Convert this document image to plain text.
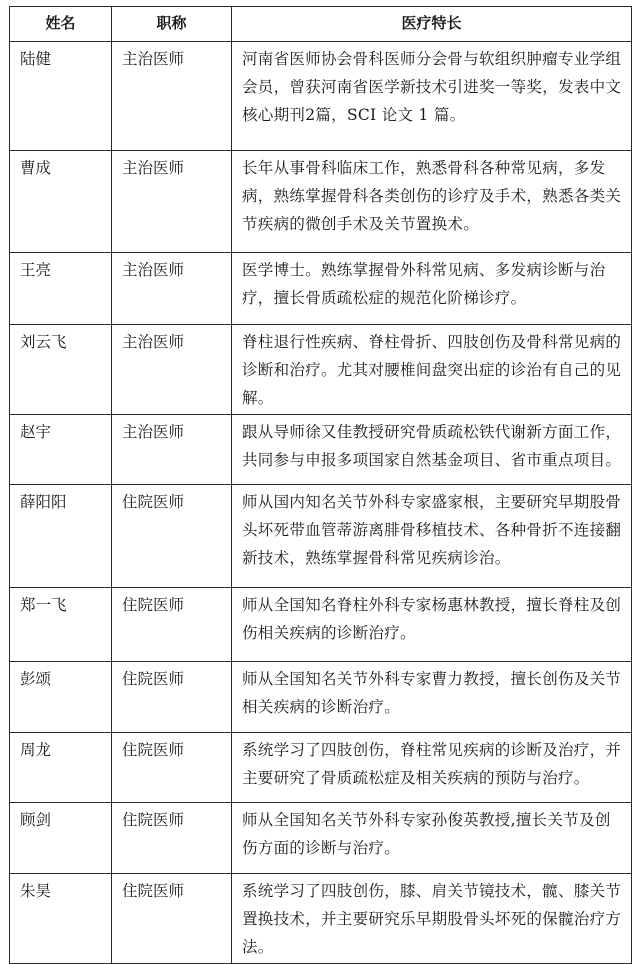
姓名	职称	医疗特长
陆健	主治医师	河南省医师协会骨科医师分会骨与软组织肿瘤专业学组会员，曾获河南省医学新技术引进奖一等奖，发表中文核心期刊2篇，SCI 论文 1 篇。
曹成	主治医师	长年从事骨科临床工作，熟悉骨科各种常见病，多发病，熟练掌握骨科各类创伤的诊疗及手术，熟悉各类关节疾病的微创手术及关节置换术。
王亮	主治医师	医学博士。熟练掌握骨外科常见病、多发病诊断与治疗，擅长骨质疏松症的规范化阶梯诊疗。
刘云飞	主治医师	脊柱退行性疾病、脊柱骨折、四肢创伤及骨科常见病的诊断和治疗。尤其对腰椎间盘突出症的诊治有自己的见解。
赵宇	主治医师	跟从导师徐又佳教授研究骨质疏松铁代谢新方面工作，共同参与申报多项国家自然基金项目、省市重点项目。
薛阳阳	住院医师	师从国内知名关节外科专家盛家根，主要研究早期股骨头坏死带血管蒂游离腓骨移植技术、各种骨折不连接翻新技术，熟练掌握骨科常见疾病诊治。
郑一飞	住院医师	师从全国知名脊柱外科专家杨惠林教授，擅长脊柱及创伤相关疾病的诊断治疗。
彭颂	住院医师	师从全国知名关节外科专家曹力教授，擅长创伤及关节相关疾病的诊断治疗。
周龙	住院医师	系统学习了四肢创伤，脊柱常见疾病的诊断及治疗，并主要研究了骨质疏松症及相关疾病的预防与治疗。
顾剑	住院医师	师从全国知名关节外科专家孙俊英教授,擅长关节及创伤方面的诊断与治疗。
朱昊	住院医师	系统学习了四肢创伤，膝、肩关节镜技术，髋、膝关节置换技术，并主要研究乐早期股骨头坏死的保髋治疗方法。
